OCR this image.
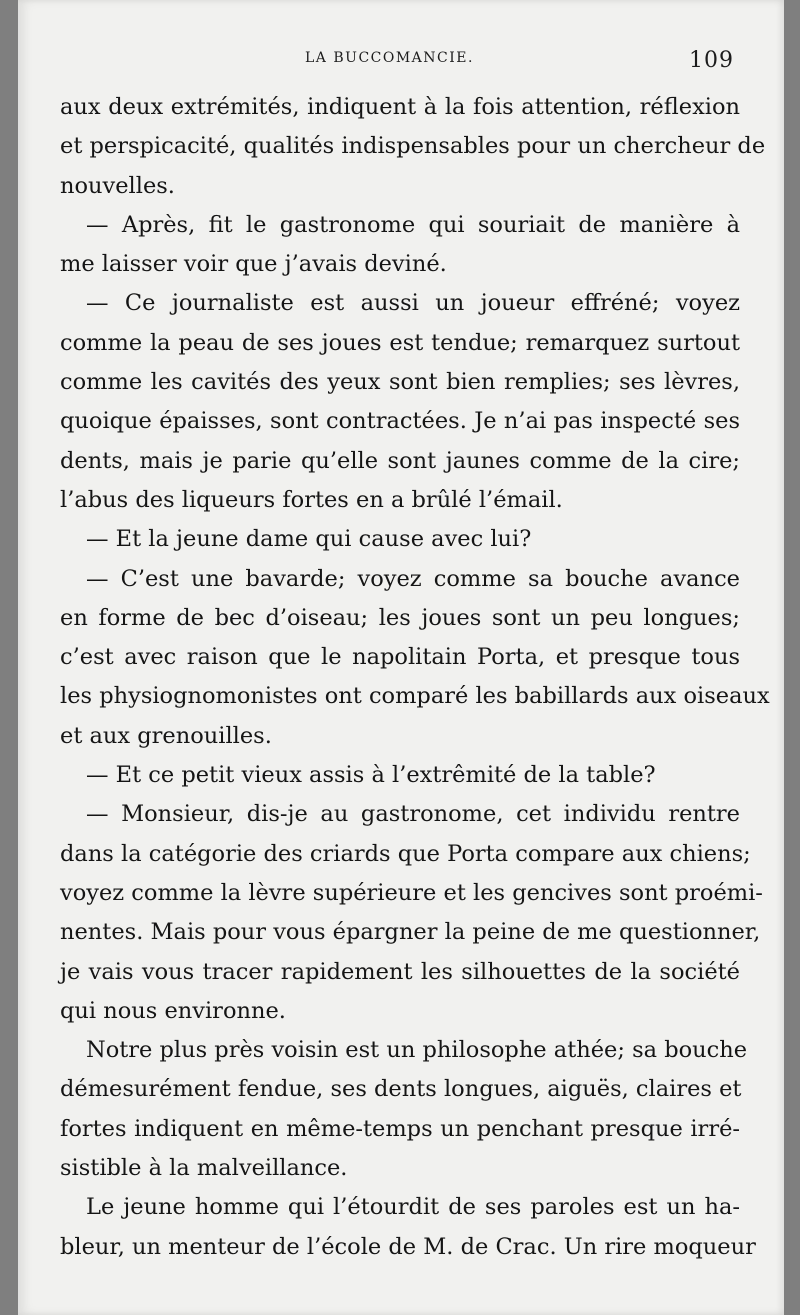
LA BUCCOMANCIE.	109

aux deux extrémités, indiquent à la fois attention, réflexion
et perspicacité, qualités indispensables pour un chercheur de
nouvelles.

— Après, fit le gastronome qui souriait de manière à
me laisser voir que j’avais deviné.

— Ce journaliste est aussi un joueur effréné; voyez
comme la peau de ses joues est tendue; remarquez surtout
comme les cavités des yeux sont bien remplies; ses lèvres,
quoique épaisses, sont contractées. Je n’ai pas inspecté ses
dents, mais je parie qu’elle sont jaunes comme de la cire;
l’abus des liqueurs fortes en a brûlé l’émail.

— Et la jeune dame qui cause avec lui?

— C’est une bavarde; voyez comme sa bouche avance
en forme de bec d’oiseau; les joues sont un peu longues;
c’est avec raison que le napolitain Porta, et presque tous
les physiognomonistes ont comparé les babillards aux oiseaux
et aux grenouilles.

— Et ce petit vieux assis à l’extrêmité de la table?

— Monsieur, dis-je au gastronome, cet individu rentre
dans la catégorie des criards que Porta compare aux chiens;
voyez comme la lèvre supérieure et les gencives sont proémi-
nentes. Mais pour vous épargner la peine de me questionner,
je vais vous tracer rapidement les silhouettes de la société
qui nous environne.

Notre plus près voisin est un philosophe athée; sa bouche
démesurément fendue, ses dents longues, aiguës, claires et
fortes indiquent en même-temps un penchant presque irré-
sistible à la malveillance.

Le jeune homme qui l’étourdit de ses paroles est un ha-
bleur, un menteur de l’école de M. de Crac. Un rire moqueur
